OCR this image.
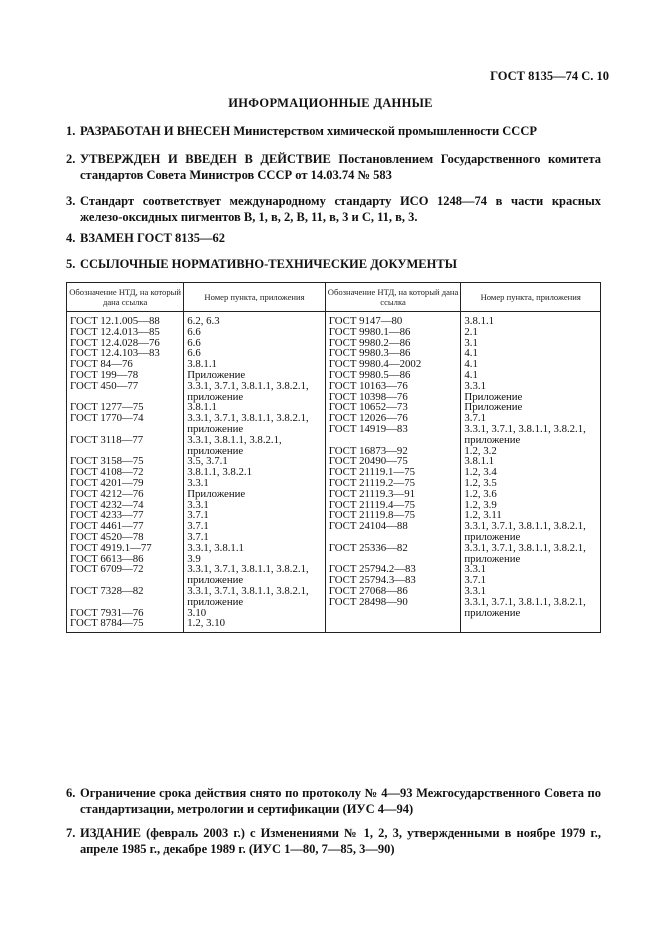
ГОСТ 8135—74 С. 10
ИНФОРМАЦИОННЫЕ ДАННЫЕ
1. РАЗРАБОТАН И ВНЕСЕН Министерством химической промышленности СССР
2. УТВЕРЖДЕН И ВВЕДЕН В ДЕЙСТВИЕ Постановлением Государственного комитета стандартов Совета Министров СССР от 14.03.74 № 583
3. Стандарт соответствует международному стандарту ИСО 1248—74 в части красных железо-оксидных пигментов В, 1, в, 2, В, 11, в, 3 и С, 11, в, 3.
4. ВЗАМЕН ГОСТ 8135—62
5. ССЫЛОЧНЫЕ НОРМАТИВНО-ТЕХНИЧЕСКИЕ ДОКУМЕНТЫ
Обозначение НТД, на который дана ссылка	Номер пункта, приложения	Обозначение НТД, на который дана ссылка	Номер пункта, приложения
ГОСТ 12.1.005—88	6.2, 6.3	ГОСТ 9147—80	3.8.1.1
ГОСТ 12.4.013—85	6.6	ГОСТ 9980.1—86	2.1
ГОСТ 12.4.028—76	6.6	ГОСТ 9980.2—86	3.1
ГОСТ 12.4.103—83	6.6	ГОСТ 9980.3—86	4.1
ГОСТ 84—76	3.8.1.1	ГОСТ 9980.4—2002	4.1
ГОСТ 199—78	Приложение	ГОСТ 9980.5—86	4.1
ГОСТ 450—77	3.3.1, 3.7.1, 3.8.1.1, 3.8.2.1,	ГОСТ 10163—76	3.3.1
	приложение	ГОСТ 10398—76	Приложение
ГОСТ 1277—75	3.8.1.1	ГОСТ 10652—73	Приложение
ГОСТ 1770—74	3.3.1, 3.7.1, 3.8.1.1, 3.8.2.1,	ГОСТ 12026—76	3.7.1
	приложение	ГОСТ 14919—83	3.3.1, 3.7.1, 3.8.1.1, 3.8.2.1,
ГОСТ 3118—77	3.3.1, 3.8.1.1, 3.8.2.1,		приложение
	приложение	ГОСТ 16873—92	1.2, 3.2
ГОСТ 3158—75	3.5, 3.7.1	ГОСТ 20490—75	3.8.1.1
ГОСТ 4108—72	3.8.1.1, 3.8.2.1	ГОСТ 21119.1—75	1.2, 3.4
ГОСТ 4201—79	3.3.1	ГОСТ 21119.2—75	1.2, 3.5
ГОСТ 4212—76	Приложение	ГОСТ 21119.3—91	1.2, 3.6
ГОСТ 4232—74	3.3.1	ГОСТ 21119.4—75	1.2, 3.9
ГОСТ 4233—77	3.7.1	ГОСТ 21119.8—75	1.2, 3.11
ГОСТ 4461—77	3.7.1	ГОСТ 24104—88	3.3.1, 3.7.1, 3.8.1.1, 3.8.2.1,
ГОСТ 4520—78	3.7.1		приложение
ГОСТ 4919.1—77	3.3.1, 3.8.1.1	ГОСТ 25336—82	3.3.1, 3.7.1, 3.8.1.1, 3.8.2.1,
ГОСТ 6613—86	3.9		приложение
ГОСТ 6709—72	3.3.1, 3.7.1, 3.8.1.1, 3.8.2.1,	ГОСТ 25794.2—83	3.3.1
	приложение	ГОСТ 25794.3—83	3.7.1
ГОСТ 7328—82	3.3.1, 3.7.1, 3.8.1.1, 3.8.2.1,	ГОСТ 27068—86	3.3.1
	приложение	ГОСТ 28498—90	3.3.1, 3.7.1, 3.8.1.1, 3.8.2.1,
ГОСТ 7931—76	3.10		приложение
ГОСТ 8784—75	1.2, 3.10		
6. Ограничение срока действия снято по протоколу № 4—93 Межгосударственного Совета по стандартизации, метрологии и сертификации (ИУС 4—94)
7. ИЗДАНИЕ (февраль 2003 г.) с Изменениями № 1, 2, 3, утвержденными в ноябре 1979 г., апреле 1985 г., декабре 1989 г. (ИУС 1—80, 7—85, 3—90)
